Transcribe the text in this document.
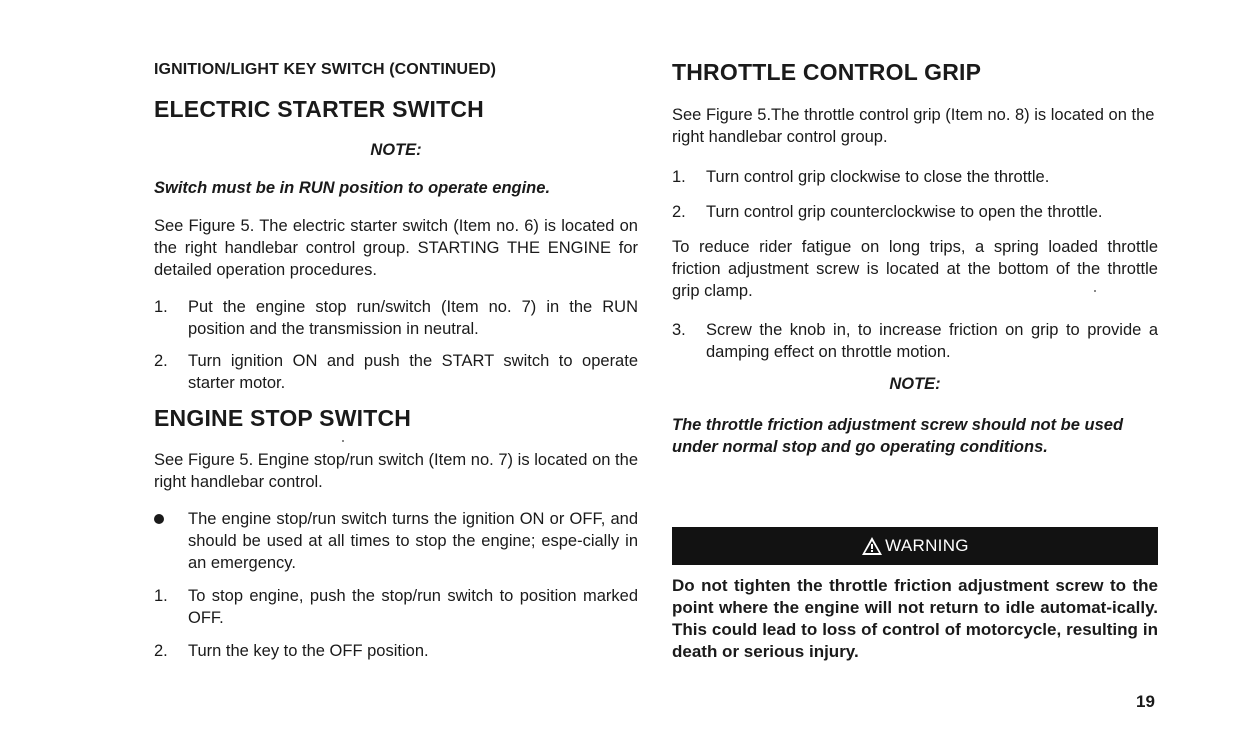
IGNITION/LIGHT KEY SWITCH (CONTINUED)
ELECTRIC STARTER SWITCH
NOTE:
Switch must be in RUN position to operate engine.
See Figure 5. The electric starter switch (Item no. 6) is located on the right handlebar control group. STARTING THE ENGINE for detailed operation procedures.
1. Put the engine stop run/switch (Item no. 7) in the RUN position and the transmission in neutral.
2. Turn ignition ON and push the START switch to operate starter motor.
ENGINE STOP SWITCH
See Figure 5. Engine stop/run switch (Item no. 7) is located on the right handlebar control.
The engine stop/run switch turns the ignition ON or OFF, and should be used at all times to stop the engine; espe-cially in an emergency.
1. To stop engine, push the stop/run switch to position marked OFF.
2. Turn the key to the OFF position.
THROTTLE CONTROL GRIP
See Figure 5.The throttle control grip (Item no. 8) is located on the right handlebar control group.
1. Turn control grip clockwise to close the throttle.
2. Turn control grip counterclockwise to open the throttle.
To reduce rider fatigue on long trips, a spring loaded throttle friction adjustment screw is located at the bottom of the throttle grip clamp.
3. Screw the knob in, to increase friction on grip to provide a damping effect on throttle motion.
NOTE:
The throttle friction adjustment screw should not be used under normal stop and go operating conditions.
WARNING
Do not tighten the throttle friction adjustment screw to the point where the engine will not return to idle automat-ically. This could lead to loss of control of motorcycle, resulting in death or serious injury.
19
